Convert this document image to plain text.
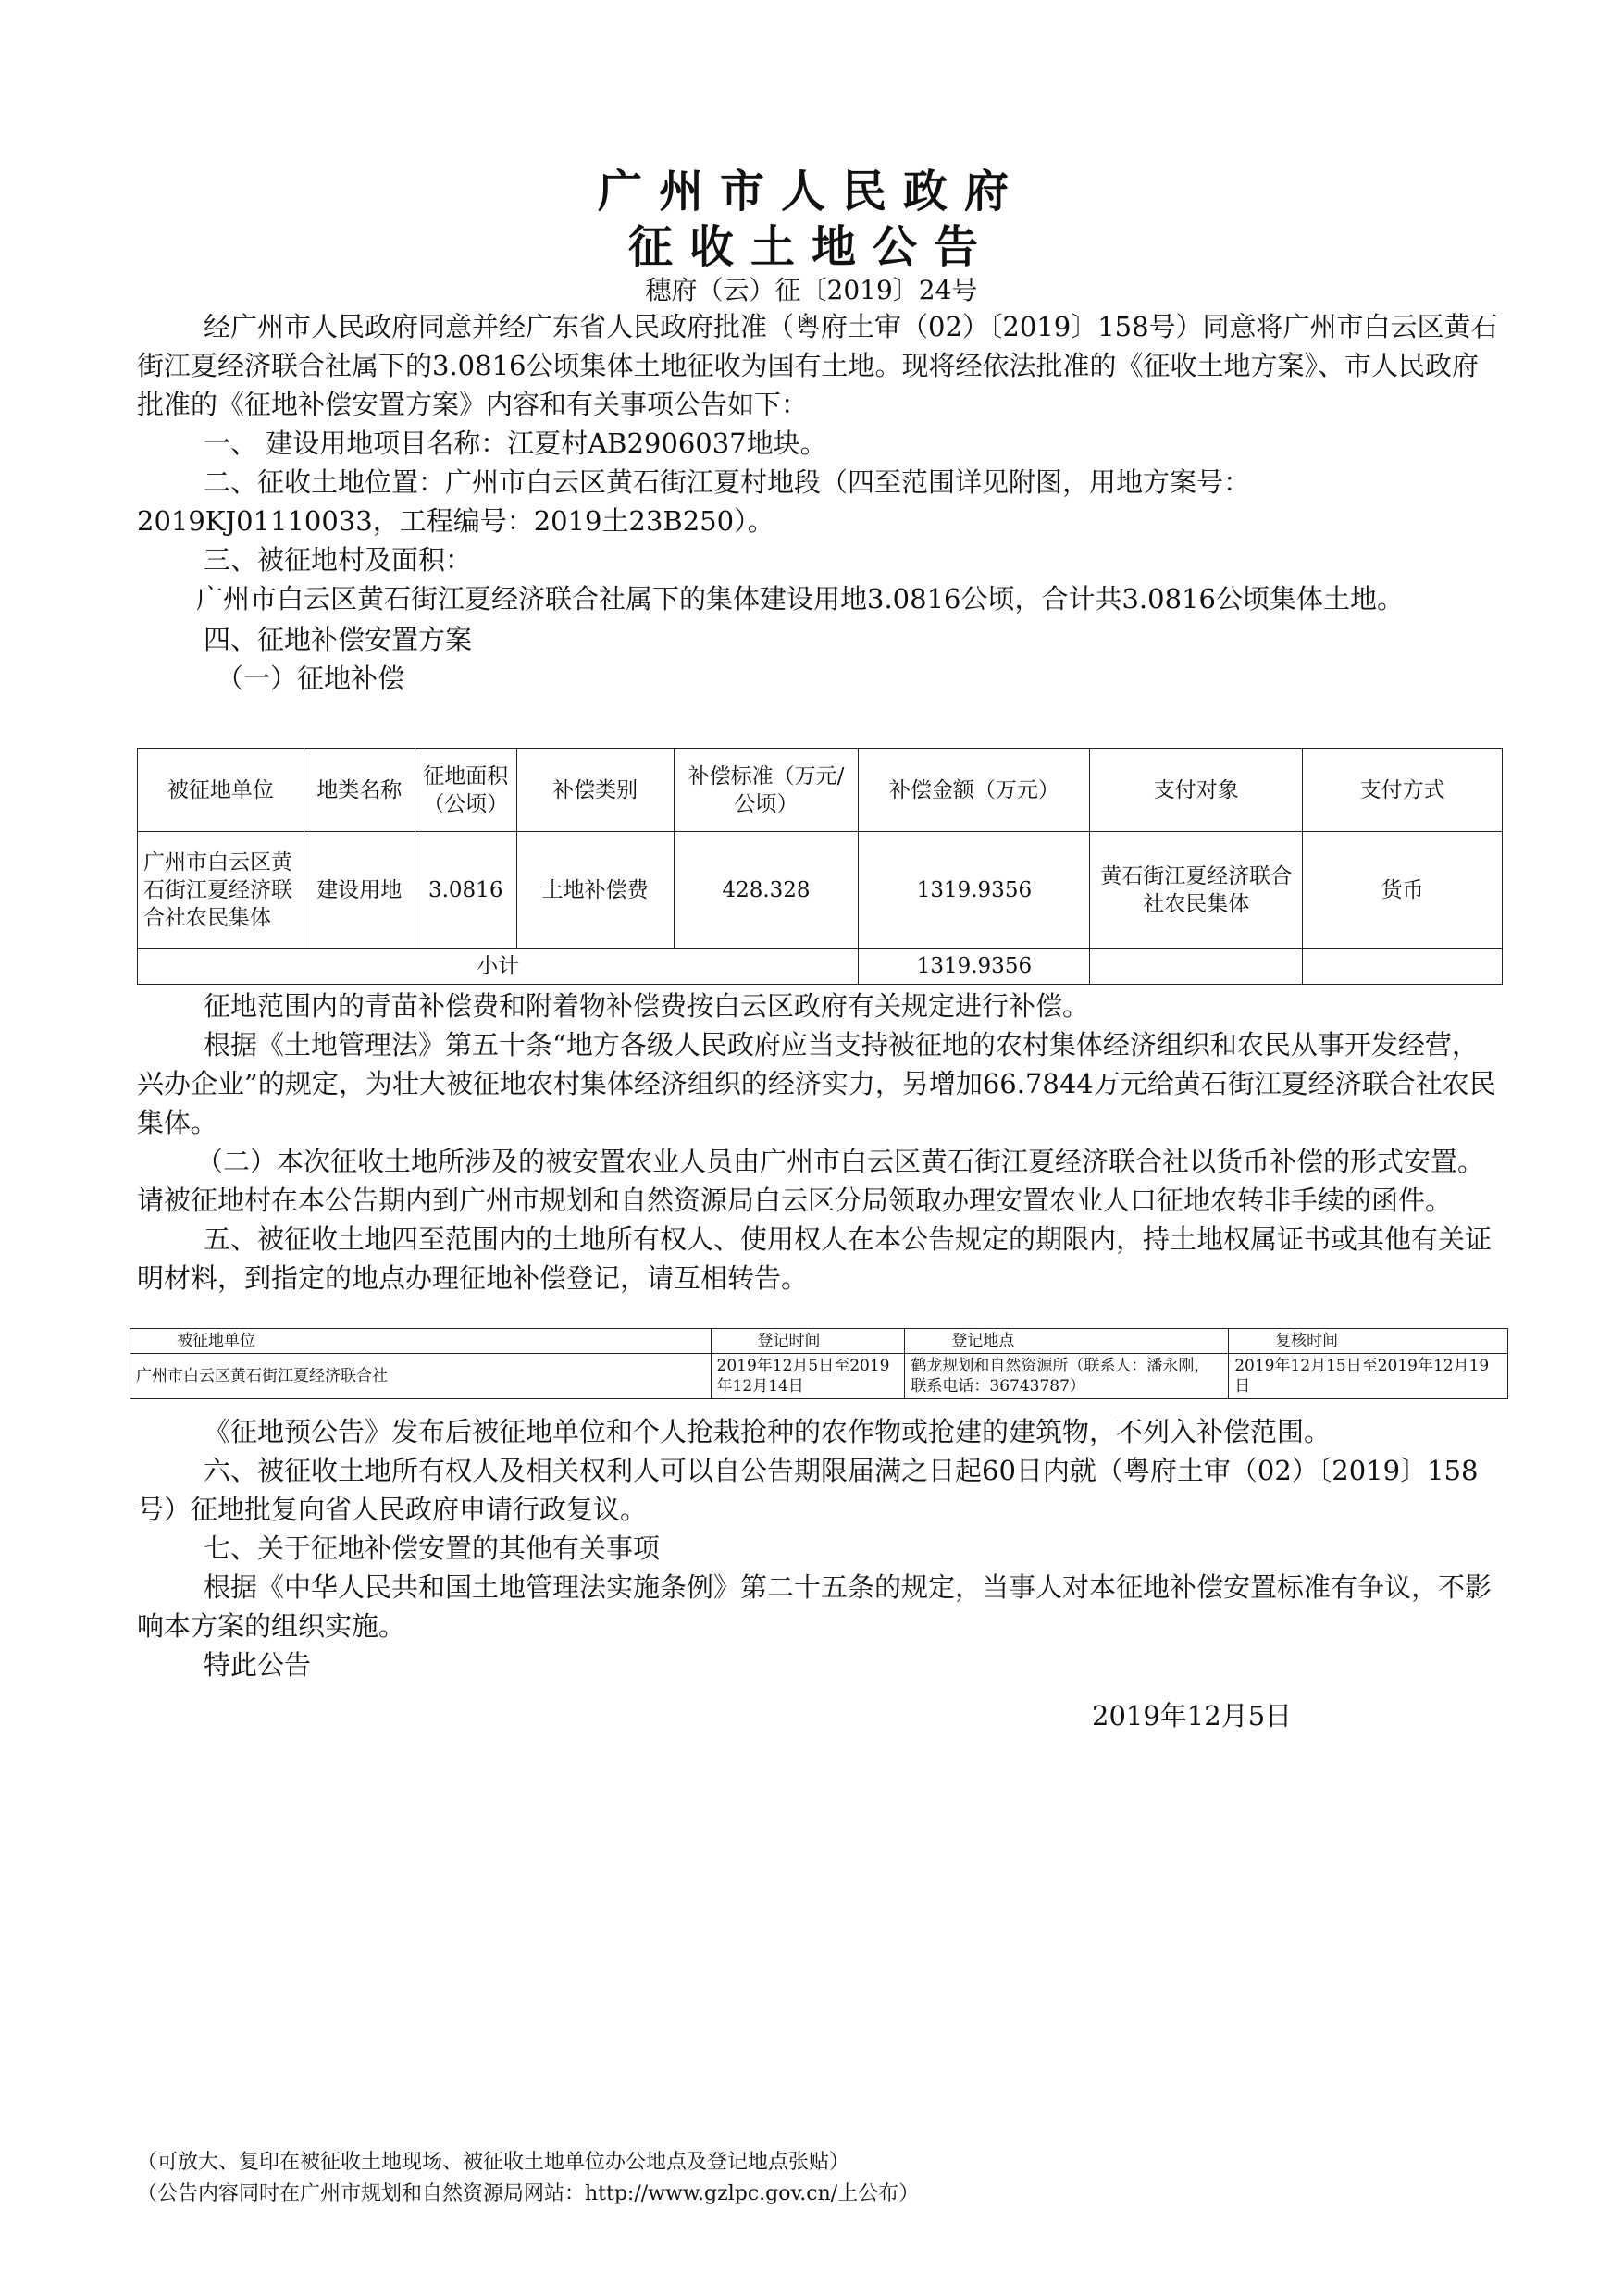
广州市人民政府
征收土地公告
穗府（云）征〔2019〕24号

经广州市人民政府同意并经广东省人民政府批准（粤府土审（02）〔2019〕158号）同意将广州市白云区黄石街江夏经济联合社属下的3.0816公顷集体土地征收为国有土地。现将经依法批准的《征收土地方案》、市人民政府批准的《征地补偿安置方案》内容和有关事项公告如下：

一、 建设用地项目名称：江夏村AB2906037地块。

二、征收土地位置：广州市白云区黄石街江夏村地段（四至范围详见附图，用地方案号：2019KJ01110033，工程编号：2019土23B250）。

三、被征地村及面积：

广州市白云区黄石街江夏经济联合社属下的集体建设用地3.0816公顷，合计共3.0816公顷集体土地。

四、征地补偿安置方案

（一）征地补偿

被征地单位	地类名称	征地面积（公顷）	补偿类别	补偿标准（万元/公顷）	补偿金额（万元）	支付对象	支付方式
广州市白云区黄石街江夏经济联合社农民集体	建设用地	3.0816	土地补偿费	428.328	1319.9356	黄石街江夏经济联合社农民集体	货币
小计					1319.9356		

征地范围内的青苗补偿费和附着物补偿费按白云区政府有关规定进行补偿。

根据《土地管理法》第五十条“地方各级人民政府应当支持被征地的农村集体经济组织和农民从事开发经营，兴办企业”的规定，为壮大被征地农村集体经济组织的经济实力，另增加66.7844万元给黄石街江夏经济联合社农民集体。

（二）本次征收土地所涉及的被安置农业人员由广州市白云区黄石街江夏经济联合社以货币补偿的形式安置。请被征地村在本公告期内到广州市规划和自然资源局白云区分局领取办理安置农业人口征地农转非手续的函件。

五、被征收土地四至范围内的土地所有权人、使用权人在本公告规定的期限内，持土地权属证书或其他有关证明材料，到指定的地点办理征地补偿登记，请互相转告。

被征地单位	登记时间	登记地点	复核时间
广州市白云区黄石街江夏经济联合社	2019年12月5日至2019年12月14日	鹤龙规划和自然资源所（联系人：潘永刚，联系电话：36743787）	2019年12月15日至2019年12月19日

《征地预公告》发布后被征地单位和个人抢栽抢种的农作物或抢建的建筑物，不列入补偿范围。

六、被征收土地所有权人及相关权利人可以自公告期限届满之日起60日内就（粤府土审（02）〔2019〕158号）征地批复向省人民政府申请行政复议。

七、关于征地补偿安置的其他有关事项

根据《中华人民共和国土地管理法实施条例》第二十五条的规定，当事人对本征地补偿安置标准有争议，不影响本方案的组织实施。

特此公告

2019年12月5日
（可放大、复印在被征收土地现场、被征收土地单位办公地点及登记地点张贴）
（公告内容同时在广州市规划和自然资源局网站：http://www.gzlpc.gov.cn/上公布）
